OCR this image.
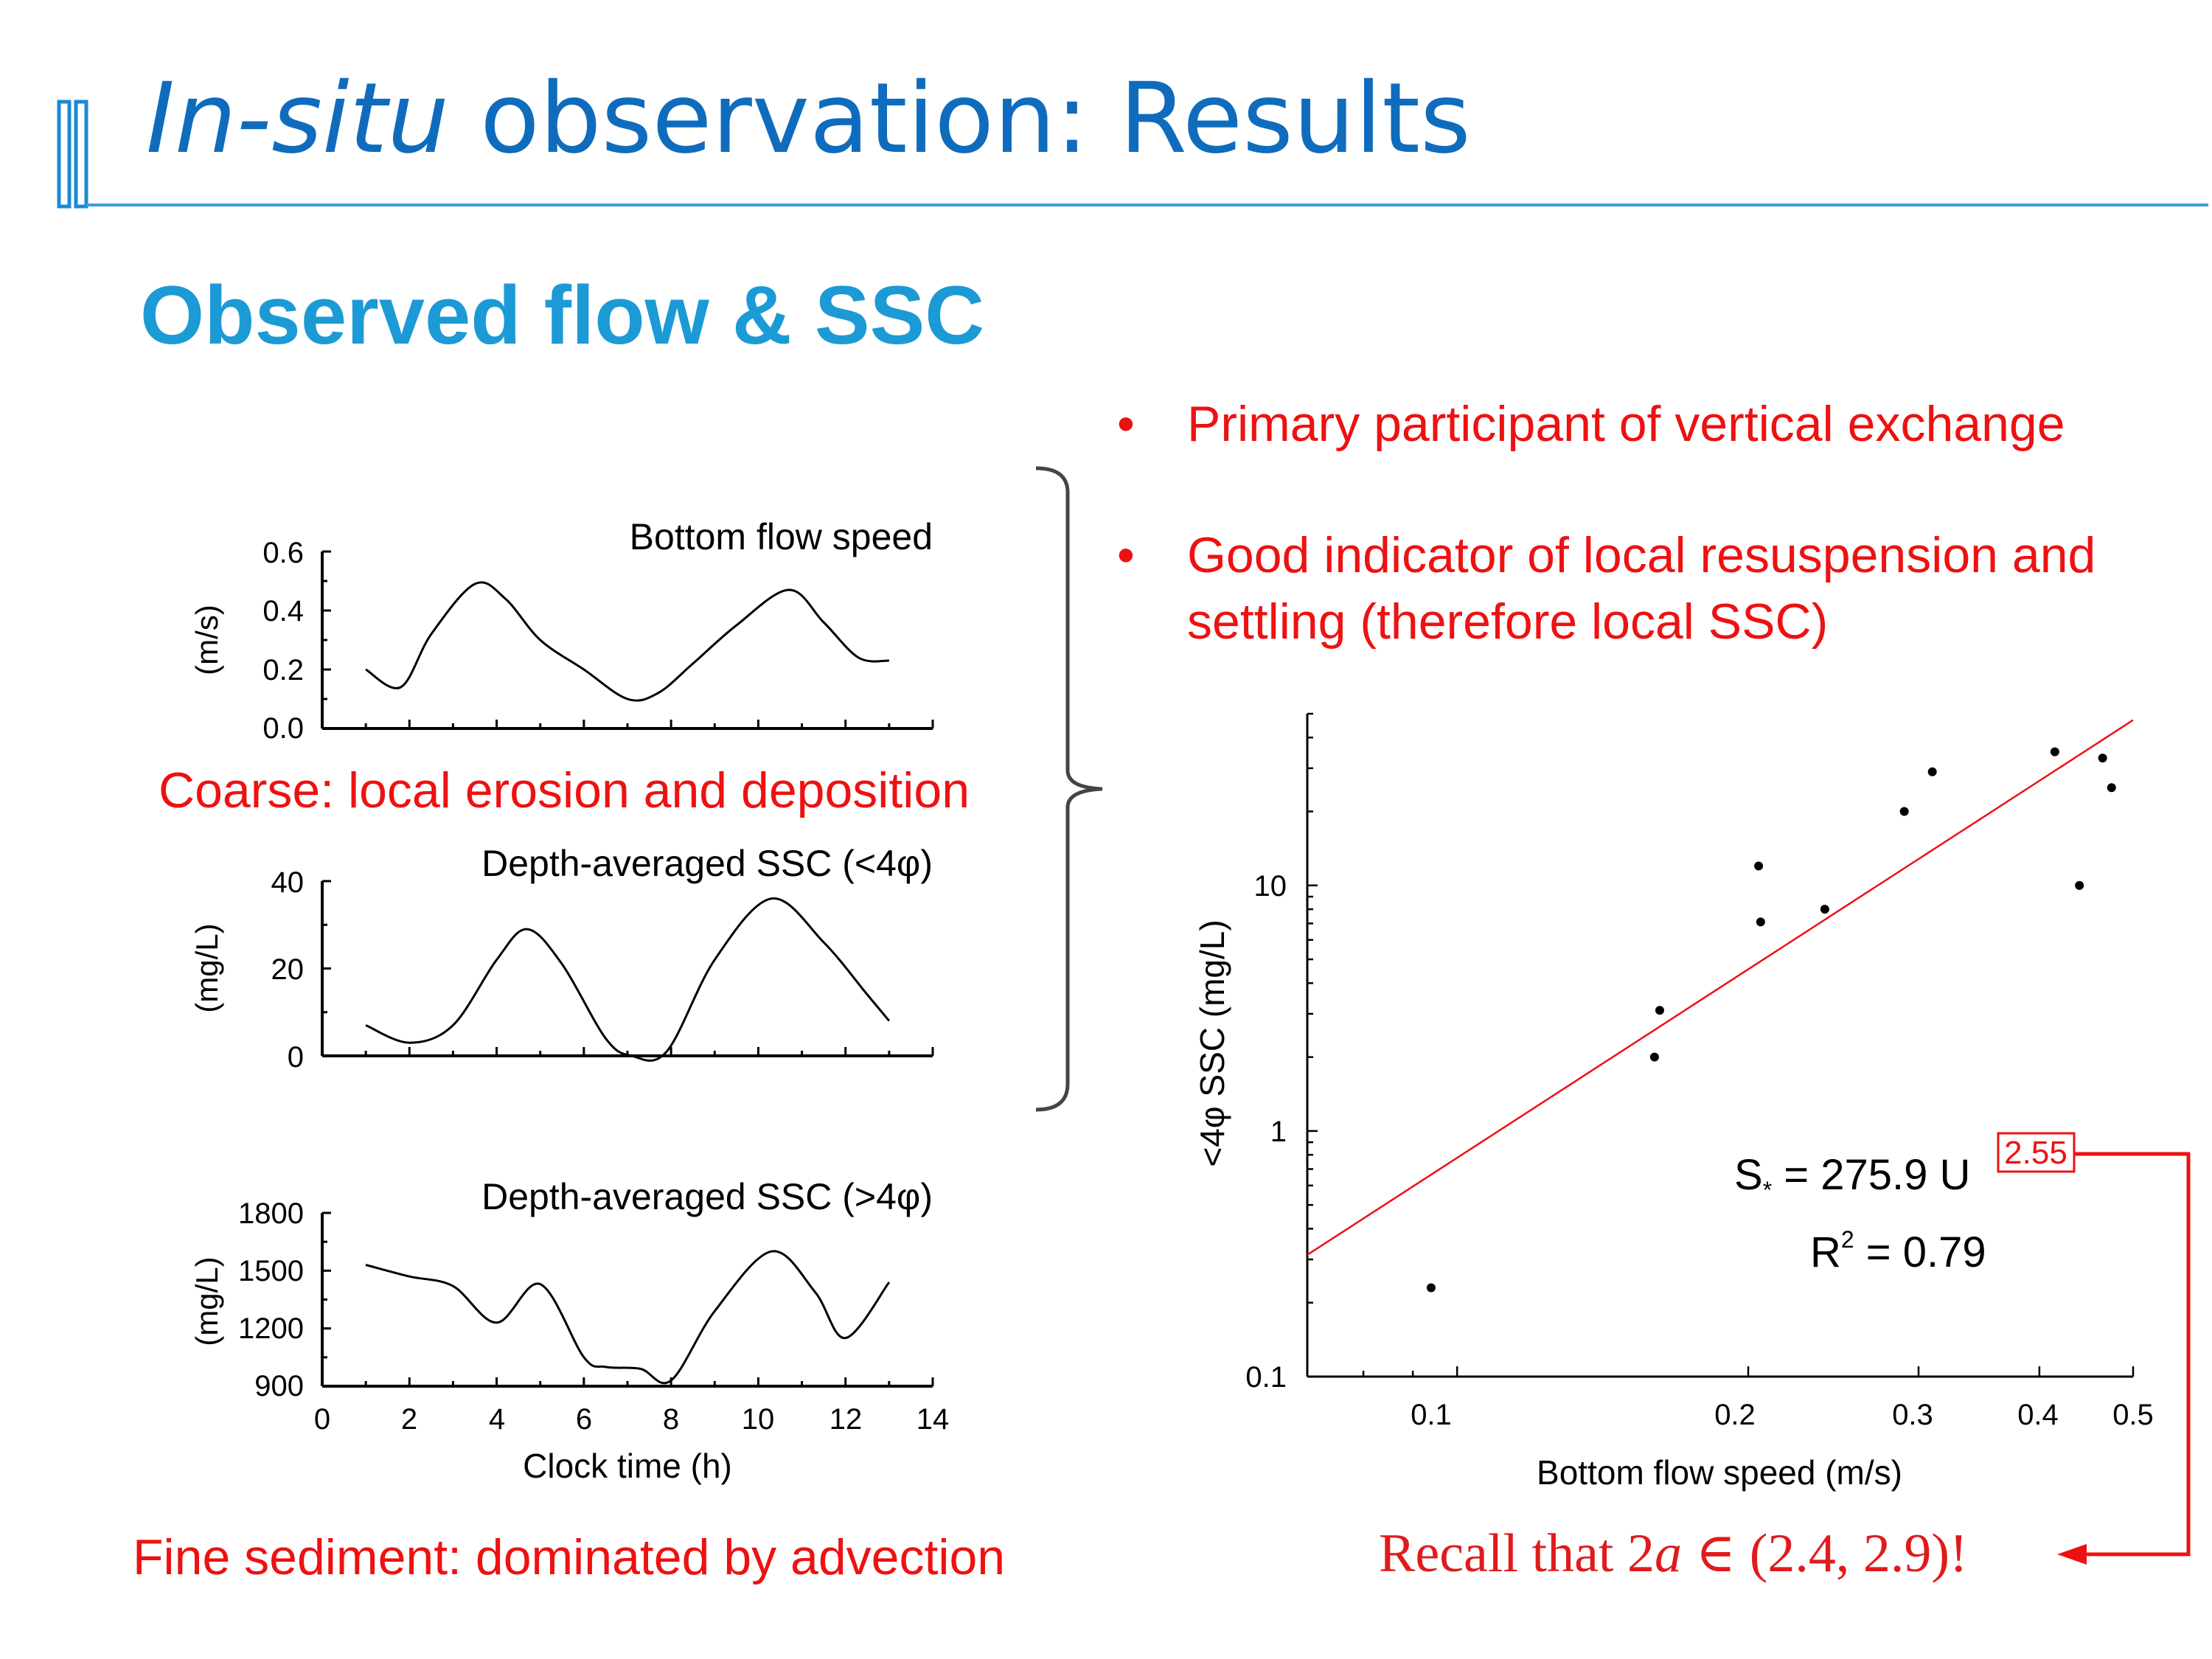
In-situ observation: Results
Observed flow & SSC
• Primary participant of vertical exchange
• Good indicator of local resuspension and
settling (therefore local SSC)
Coarse: local erosion and deposition
Fine sediment: dominated by advection	Recall that 2a ∈ (2.4, 2.9)!
0.6
0.4
0.2
0.0
(m/s)
Bottom flow speed
40
20
0
(mg/L)
Depth-averaged SSC (<4φ)
1800
1500
1200
900
0 2 4 6 8 10 12 14
Clock time (h)
(mg/L)
Depth-averaged SSC (>4φ)
10
1
0.1
0.1	0.2	0.3	0.4 0.5
Bottom flow speed (m/s)
<4φ SSC (mg/L)
$S_* = 275.9$ U 2.55
$R^2 = 0.79$
